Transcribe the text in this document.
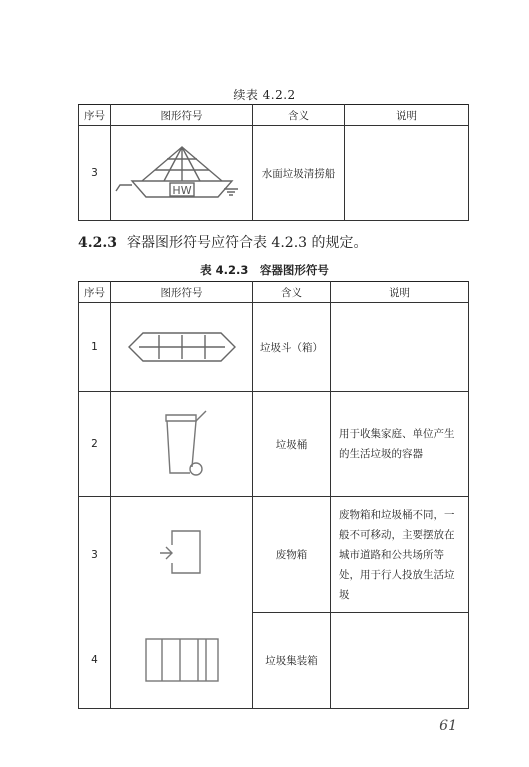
续表 4.2.2
序号	图形符号	含义	说明
3	HW	水面垃圾清捞船	
4.2.3 容器图形符号应符合表 4.2.3 的规定。
表 4.2.3　容器图形符号
序号	图形符号	含义	说明
1		垃圾斗（箱）	
2		垃圾桶	用于收集家庭、单位产生的生活垃圾的容器
3		废物箱	废物箱和垃圾桶不同，一般不可移动，主要摆放在城市道路和公共场所等处，用于行人投放生活垃圾
4		垃圾集装箱	
61
